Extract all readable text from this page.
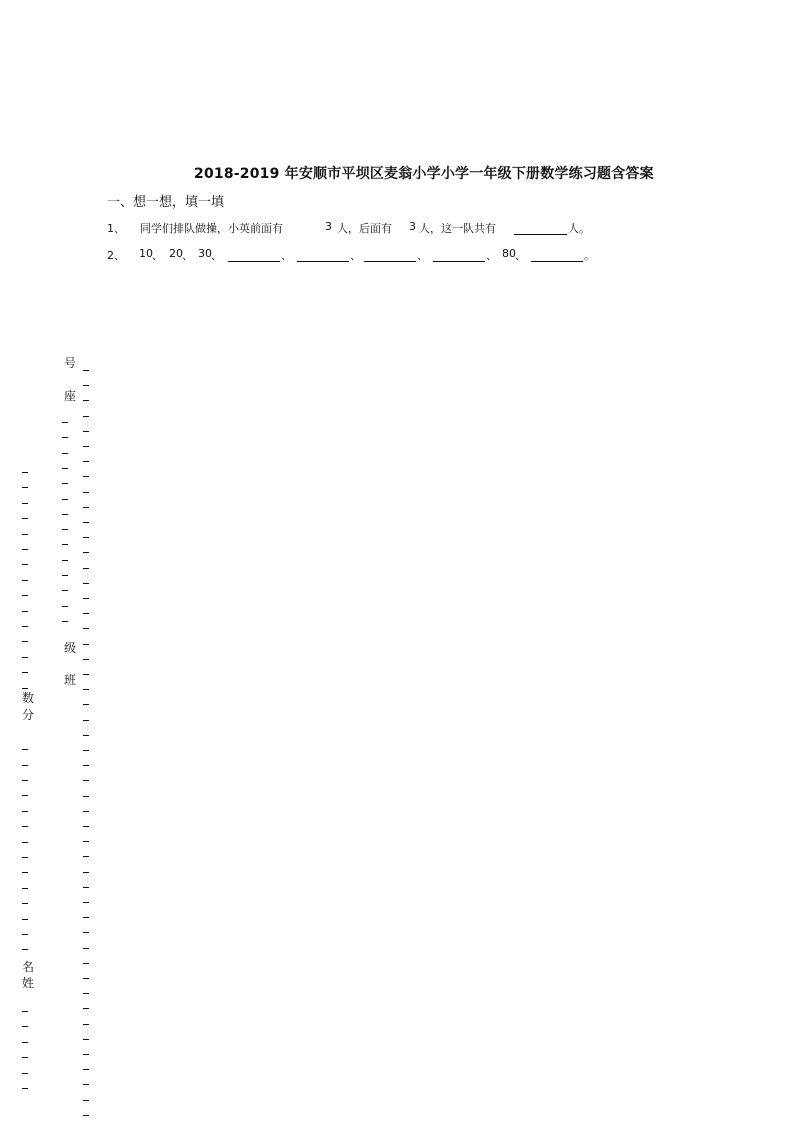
2018-2019 年安顺市平坝区麦翁小学小学一年级下册数学练习题含答案
一、想一想，填一填
1、 同学们排队做操，小英前面有	3 人，后面有 3 人，这一队共有	人。
2、 10 、 20 、 30 、	、	、	、	、 80 、	。
号
座
级
班
数
分
名
姓
